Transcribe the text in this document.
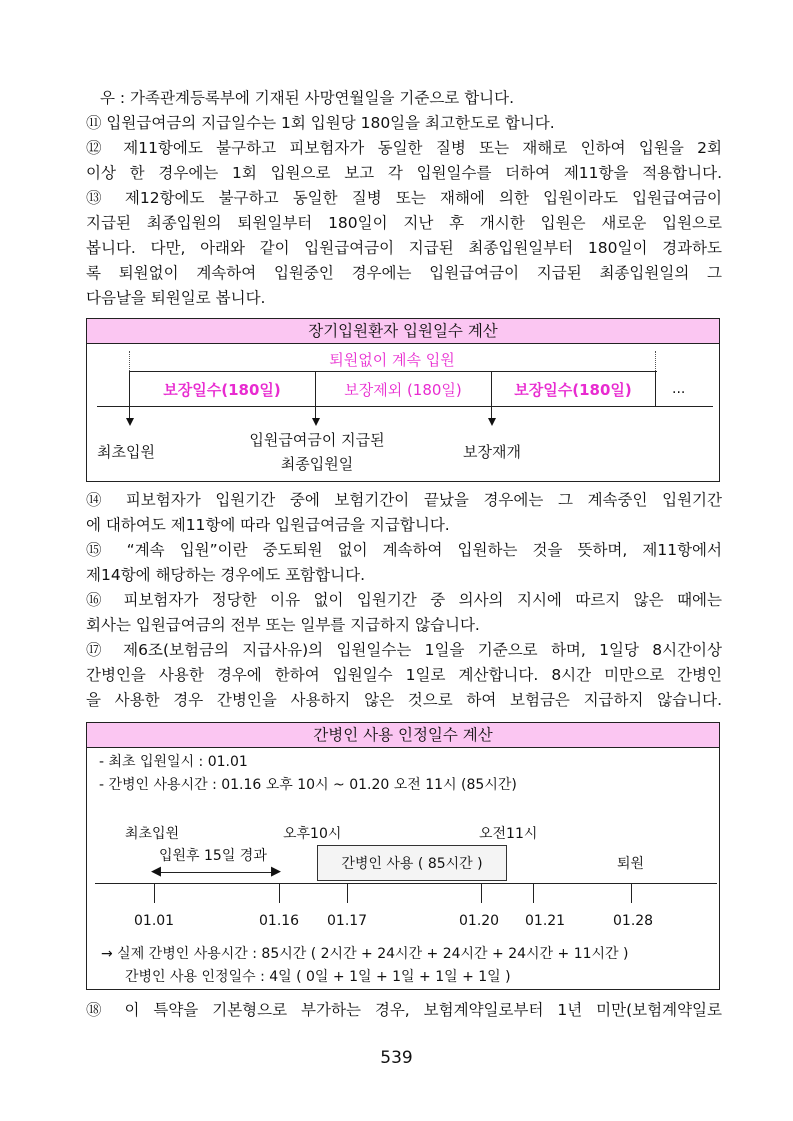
우 : 가족관계등록부에 기재된 사망연월일을 기준으로 합니다.
⑪ 입원급여금의 지급일수는 1회 입원당 180일을 최고한도로 합니다.
⑫ 제11항에도 불구하고 피보험자가 동일한 질병 또는 재해로 인하여 입원을 2회
이상 한 경우에는 1회 입원으로 보고 각 입원일수를 더하여 제11항을 적용합니다.
⑬ 제12항에도 불구하고 동일한 질병 또는 재해에 의한 입원이라도 입원급여금이
지급된 최종입원의 퇴원일부터 180일이 지난 후 개시한 입원은 새로운 입원으로
봅니다. 다만, 아래와 같이 입원급여금이 지급된 최종입원일부터 180일이 경과하도
록 퇴원없이 계속하여 입원중인 경우에는 입원급여금이 지급된 최종입원일의 그
다음날을 퇴원일로 봅니다.
장기입원환자 입원일수 계산
퇴원없이 계속 입원
보장일수(180일)	보장제외 (180일)	보장일수(180일)	...
최초입원
입원급여금이 지급된
최종입원일
보장재개
⑭ 피보험자가 입원기간 중에 보험기간이 끝났을 경우에는 그 계속중인 입원기간
에 대하여도 제11항에 따라 입원급여금을 지급합니다.
⑮ “계속 입원”이란 중도퇴원 없이 계속하여 입원하는 것을 뜻하며, 제11항에서
제14항에 해당하는 경우에도 포함합니다.
⑯ 피보험자가 정당한 이유 없이 입원기간 중 의사의 지시에 따르지 않은 때에는
회사는 입원급여금의 전부 또는 일부를 지급하지 않습니다.
⑰ 제6조(보험금의 지급사유)의 입원일수는 1일을 기준으로 하며, 1일당 8시간이상
간병인을 사용한 경우에 한하여 입원일수 1일로 계산합니다. 8시간 미만으로 간병인
을 사용한 경우 간병인을 사용하지 않은 것으로 하여 보험금은 지급하지 않습니다.
간병인 사용 인정일수 계산
- 최초 입원일시 : 01.01
- 간병인 사용시간 : 01.16 오후 10시 ~ 01.20 오전 11시 (85시간)
최초입원	오후10시	오전11시
입원후 15일 경과
◀	▶	간병인 사용 ( 85시간 )	퇴원
01.01	01.16 01.17	01.20 01.21	01.28
→ 실제 간병인 사용시간 : 85시간 ( 2시간 + 24시간 + 24시간 + 24시간 + 11시간 )
간병인 사용 인정일수 : 4일 ( 0일 + 1일 + 1일 + 1일 + 1일 )
⑱ 이 특약을 기본형으로 부가하는 경우, 보험계약일로부터 1년 미만(보험계약일로
539
